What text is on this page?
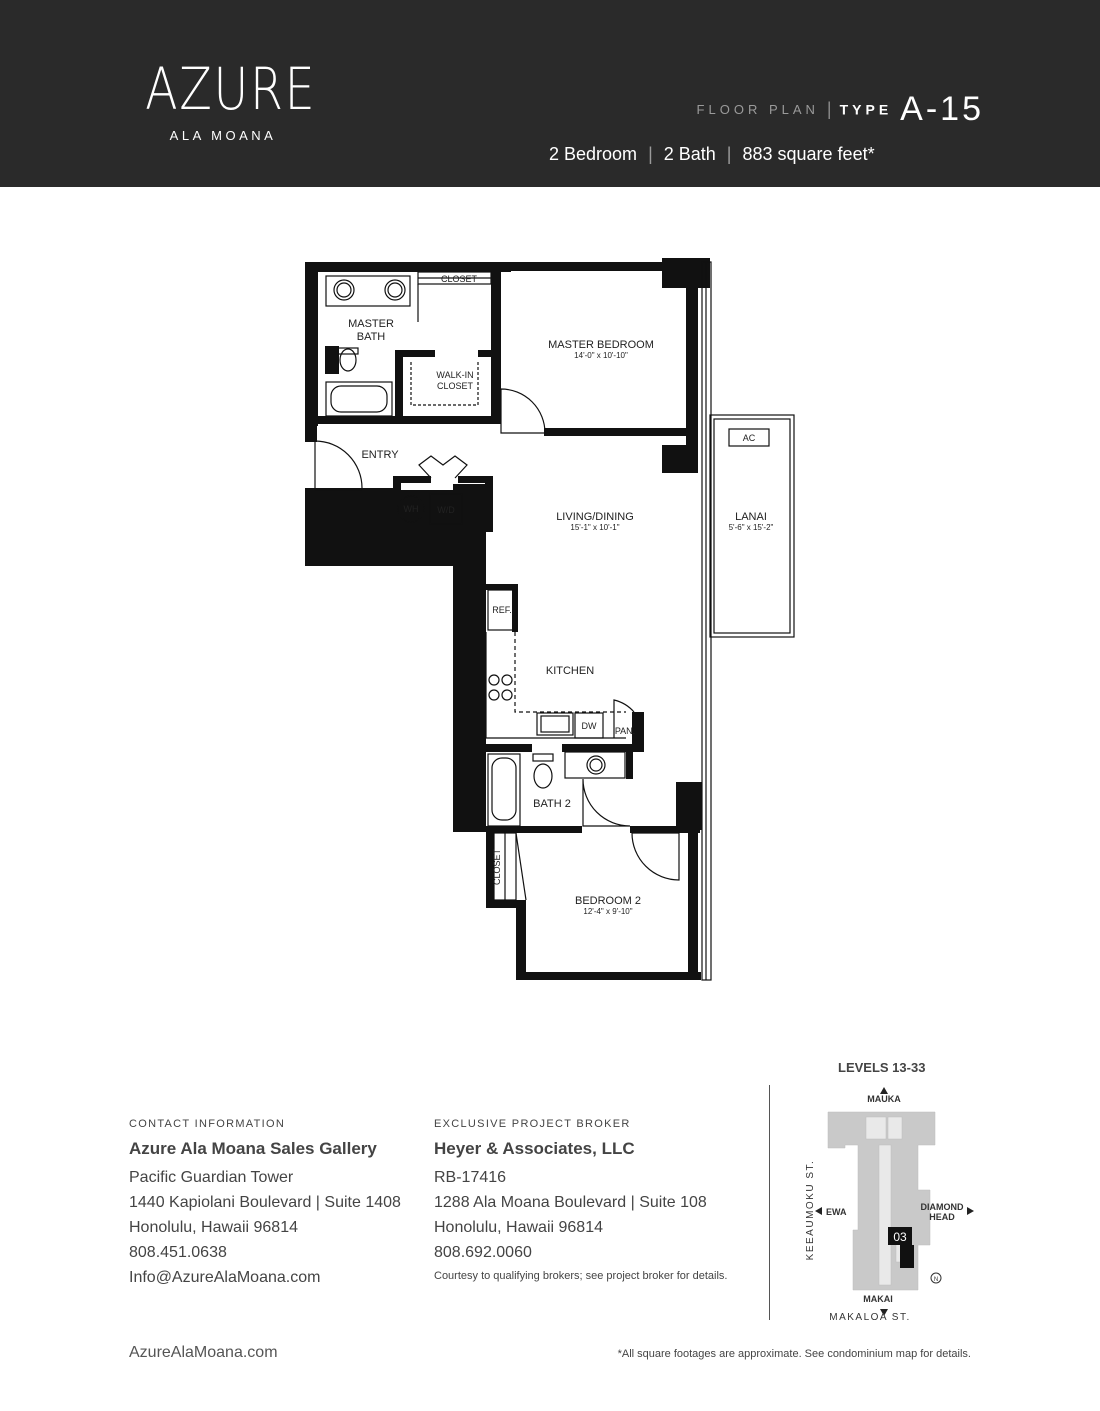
AZURE
ALA MOANA
FLOOR PLAN | TYPE A-15
2 Bedroom | 2 Bath | 883 square feet*
CLOSET
MASTER
BATH
WALK-IN
CLOSET
MASTER BEDROOM
14'-0" x 10'-10"
ENTRY
WH W/D
LIVING/DINING
15'-1" x 10'-1"
AC
LANAI
5'-6" x 15'-2"
REF.
KITCHEN
DW PAN.
BATH 2
CLOSET
BEDROOM 2
12'-4" x 9'-10"
CONTACT INFORMATION
Azure Ala Moana Sales Gallery
Pacific Guardian Tower
1440 Kapiolani Boulevard | Suite 1408
Honolulu, Hawaii 96814
808.451.0638
Info@AzureAlaMoana.com
EXCLUSIVE PROJECT BROKER
Heyer & Associates, LLC
RB-17416
1288 Ala Moana Boulevard | Suite 108
Honolulu, Hawaii 96814
808.692.0060
Courtesy to qualifying brokers; see project broker for details.
LEVELS 13-33
03
MAUKA
MAKAI
EWA	DIAMOND
HEAD
KEEAUMOKU ST.
MAKALOA ST.
N
AzureAlaMoana.com	*All square footages are approximate. See condominium map for details.
